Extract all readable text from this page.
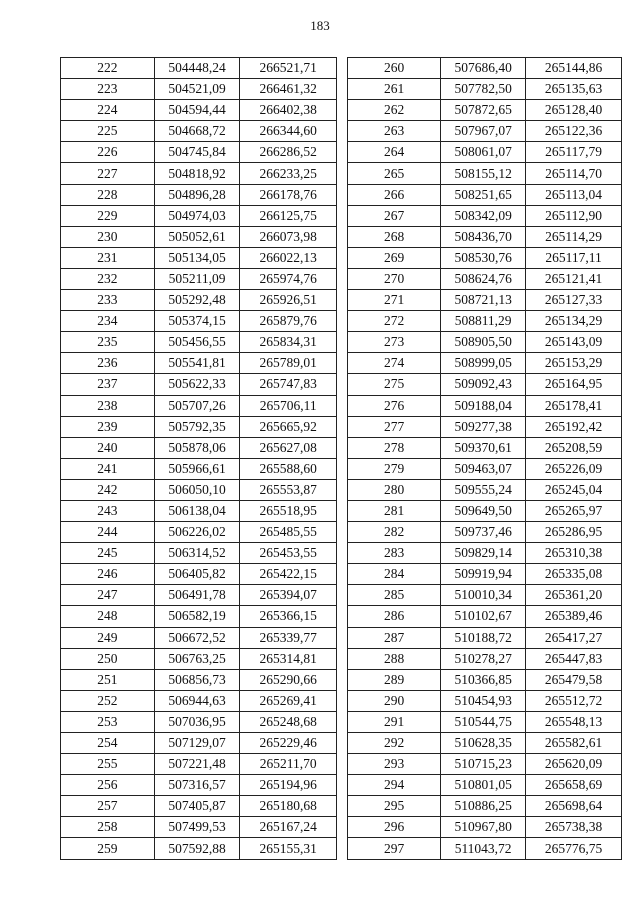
183
222	504448,24	266521,71
223	504521,09	266461,32
224	504594,44	266402,38
225	504668,72	266344,60
226	504745,84	266286,52
227	504818,92	266233,25
228	504896,28	266178,76
229	504974,03	266125,75
230	505052,61	266073,98
231	505134,05	266022,13
232	505211,09	265974,76
233	505292,48	265926,51
234	505374,15	265879,76
235	505456,55	265834,31
236	505541,81	265789,01
237	505622,33	265747,83
238	505707,26	265706,11
239	505792,35	265665,92
240	505878,06	265627,08
241	505966,61	265588,60
242	506050,10	265553,87
243	506138,04	265518,95
244	506226,02	265485,55
245	506314,52	265453,55
246	506405,82	265422,15
247	506491,78	265394,07
248	506582,19	265366,15
249	506672,52	265339,77
250	506763,25	265314,81
251	506856,73	265290,66
252	506944,63	265269,41
253	507036,95	265248,68
254	507129,07	265229,46
255	507221,48	265211,70
256	507316,57	265194,96
257	507405,87	265180,68
258	507499,53	265167,24
259	507592,88	265155,31
260	507686,40	265144,86
261	507782,50	265135,63
262	507872,65	265128,40
263	507967,07	265122,36
264	508061,07	265117,79
265	508155,12	265114,70
266	508251,65	265113,04
267	508342,09	265112,90
268	508436,70	265114,29
269	508530,76	265117,11
270	508624,76	265121,41
271	508721,13	265127,33
272	508811,29	265134,29
273	508905,50	265143,09
274	508999,05	265153,29
275	509092,43	265164,95
276	509188,04	265178,41
277	509277,38	265192,42
278	509370,61	265208,59
279	509463,07	265226,09
280	509555,24	265245,04
281	509649,50	265265,97
282	509737,46	265286,95
283	509829,14	265310,38
284	509919,94	265335,08
285	510010,34	265361,20
286	510102,67	265389,46
287	510188,72	265417,27
288	510278,27	265447,83
289	510366,85	265479,58
290	510454,93	265512,72
291	510544,75	265548,13
292	510628,35	265582,61
293	510715,23	265620,09
294	510801,05	265658,69
295	510886,25	265698,64
296	510967,80	265738,38
297	511043,72	265776,75
